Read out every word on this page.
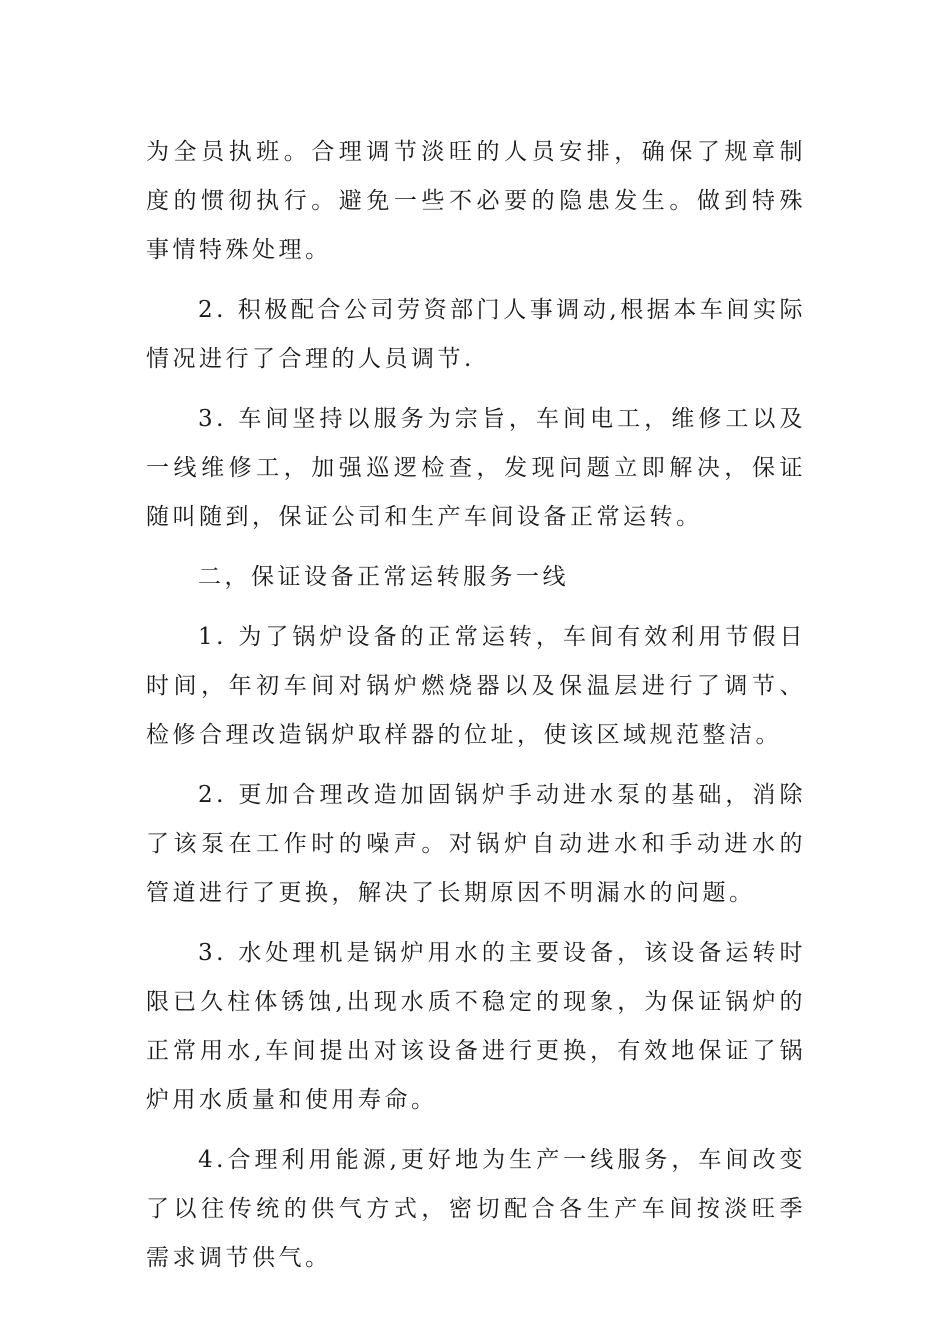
为全员执班。合理调节淡旺的人员安排，确保了规章制度的惯彻执行。避免一些不必要的隐患发生。做到特殊事情特殊处理。

2. 积极配合公司劳资部门人事调动,根据本车间实际情况进行了合理的人员调节.

3. 车间坚持以服务为宗旨，车间电工，维修工以及一线维修工，加强巡逻检查，发现问题立即解决，保证随叫随到，保证公司和生产车间设备正常运转。

二，保证设备正常运转服务一线

1. 为了锅炉设备的正常运转，车间有效利用节假日时间，年初车间对锅炉燃烧器以及保温层进行了调节、检修合理改造锅炉取样器的位址，使该区域规范整洁。

2. 更加合理改造加固锅炉手动进水泵的基础，消除了该泵在工作时的噪声。对锅炉自动进水和手动进水的管道进行了更换，解决了长期原因不明漏水的问题。

3. 水处理机是锅炉用水的主要设备，该设备运转时限已久柱体锈蚀,出现水质不稳定的现象，为保证锅炉的正常用水,车间提出对该设备进行更换，有效地保证了锅炉用水质量和使用寿命。

4.合理利用能源,更好地为生产一线服务，车间改变了以往传统的供气方式，密切配合各生产车间按淡旺季需求调节供气。
